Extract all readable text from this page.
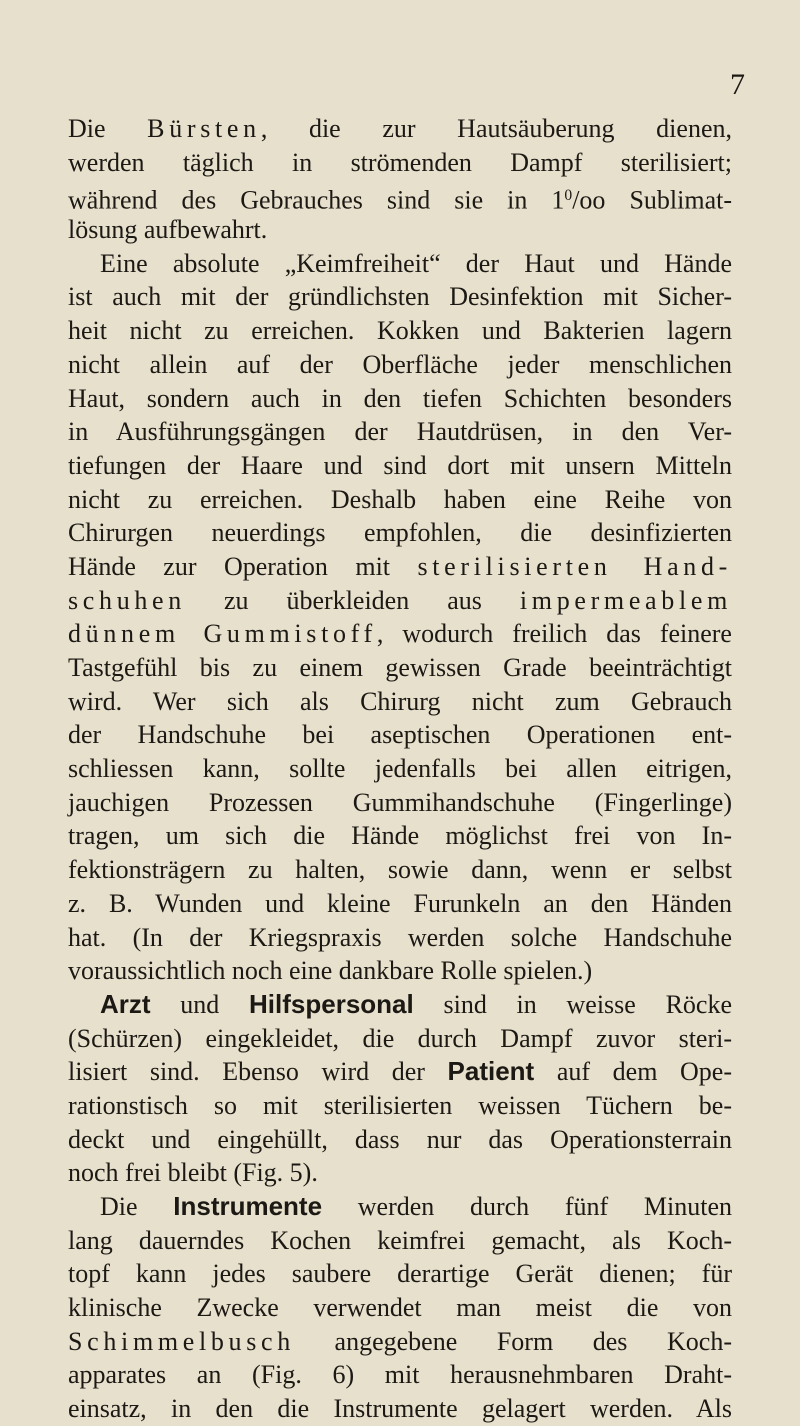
7
Die Bürsten, die zur Hautsäuberung dienen,
werden täglich in strömenden Dampf sterilisiert;
während des Gebrauches sind sie in $1^0/oo$ Sublimat-
lösung aufbewahrt.
Eine absolute „Keimfreiheit“ der Haut und Hände
ist auch mit der gründlichsten Desinfektion mit Sicher-
heit nicht zu erreichen. Kokken und Bakterien lagern
nicht allein auf der Oberfläche jeder menschlichen
Haut, sondern auch in den tiefen Schichten besonders
in Ausführungsgängen der Hautdrüsen, in den Ver-
tiefungen der Haare und sind dort mit unsern Mitteln
nicht zu erreichen. Deshalb haben eine Reihe von
Chirurgen neuerdings empfohlen, die desinfizierten
Hände zur Operation mit sterilisierten Hand-
schuhen zu überkleiden aus impermeablem
dünnem Gummistoff, wodurch freilich das feinere
Tastgefühl bis zu einem gewissen Grade beeinträchtigt
wird. Wer sich als Chirurg nicht zum Gebrauch
der Handschuhe bei aseptischen Operationen ent-
schliessen kann, sollte jedenfalls bei allen eitrigen,
jauchigen Prozessen Gummihandschuhe (Fingerlinge)
tragen, um sich die Hände möglichst frei von In-
fektionsträgern zu halten, sowie dann, wenn er selbst
z. B. Wunden und kleine Furunkeln an den Händen
hat. (In der Kriegspraxis werden solche Handschuhe
voraussichtlich noch eine dankbare Rolle spielen.)
Arzt und Hilfspersonal sind in weisse Röcke
(Schürzen) eingekleidet, die durch Dampf zuvor steri-
lisiert sind. Ebenso wird der Patient auf dem Ope-
rationstisch so mit sterilisierten weissen Tüchern be-
deckt und eingehüllt, dass nur das Operationsterrain
noch frei bleibt (Fig. 5).
Die Instrumente werden durch fünf Minuten
lang dauerndes Kochen keimfrei gemacht, als Koch-
topf kann jedes saubere derartige Gerät dienen; für
klinische Zwecke verwendet man meist die von
Schimmelbusch angegebene Form des Koch-
apparates an (Fig. 6) mit herausnehmbaren Draht-
einsatz, in den die Instrumente gelagert werden. Als
